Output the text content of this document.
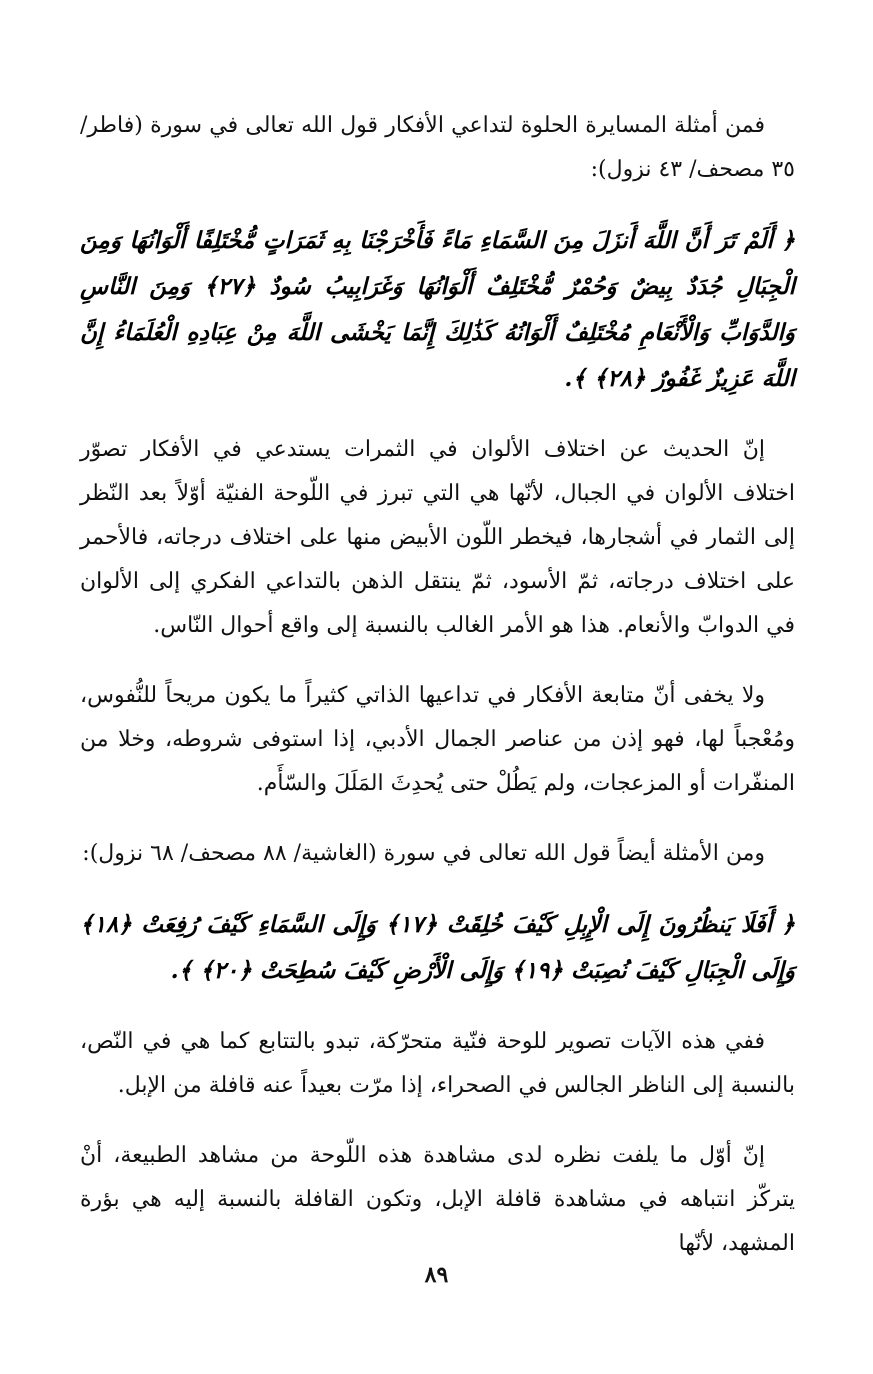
فمن أمثلة المسايرة الحلوة لتداعي الأفكار قول الله تعالى في سورة (فاطر/ ٣٥ مصحف/ ٤٣ نزول):

﴿ أَلَمْ تَرَ أَنَّ اللَّهَ أَنزَلَ مِنَ السَّمَاءِ مَاءً فَأَخْرَجْنَا بِهِ ثَمَرَاتٍ مُّخْتَلِفًا أَلْوَانُهَا وَمِنَ الْجِبَالِ جُدَدٌ بِيضٌ وَحُمْرٌ مُّخْتَلِفٌ أَلْوَانُهَا وَغَرَابِيبُ سُودٌ ﴿٢٧﴾ وَمِنَ النَّاسِ وَالدَّوَابِّ وَالْأَنْعَامِ مُخْتَلِفٌ أَلْوَانُهُ كَذَٰلِكَ إِنَّمَا يَخْشَى اللَّهَ مِنْ عِبَادِهِ الْعُلَمَاءُ إِنَّ اللَّهَ عَزِيزٌ غَفُورٌ ﴿٢٨﴾ ﴾.

إنّ الحديث عن اختلاف الألوان في الثمرات يستدعي في الأفكار تصوّر اختلاف الألوان في الجبال، لأنّها هي التي تبرز في اللّوحة الفنيّة أوّلاً بعد النّظر إلى الثمار في أشجارها، فيخطر اللّون الأبيض منها على اختلاف درجاته، فالأحمر على اختلاف درجاته، ثمّ الأسود، ثمّ ينتقل الذهن بالتداعي الفكري إلى الألوان في الدوابّ والأنعام. هذا هو الأمر الغالب بالنسبة إلى واقع أحوال النّاس.

ولا يخفى أنّ متابعة الأفكار في تداعيها الذاتي كثيراً ما يكون مريحاً للنُّفوس، ومُعْجباً لها، فهو إذن من عناصر الجمال الأدبي، إذا استوفى شروطه، وخلا من المنفّرات أو المزعجات، ولم يَطُلْ حتى يُحدِثَ المَلَلَ والسّأَم.

ومن الأمثلة أيضاً قول الله تعالى في سورة (الغاشية/ ٨٨ مصحف/ ٦٨ نزول):

﴿ أَفَلَا يَنظُرُونَ إِلَى الْإِبِلِ كَيْفَ خُلِقَتْ ﴿١٧﴾ وَإِلَى السَّمَاءِ كَيْفَ رُفِعَتْ ﴿١٨﴾ وَإِلَى الْجِبَالِ كَيْفَ نُصِبَتْ ﴿١٩﴾ وَإِلَى الْأَرْضِ كَيْفَ سُطِحَتْ ﴿٢٠﴾ ﴾.

ففي هذه الآيات تصوير للوحة فنّية متحرّكة، تبدو بالتتابع كما هي في النّص، بالنسبة إلى الناظر الجالس في الصحراء، إذا مرّت بعيداً عنه قافلة من الإبل.

إنّ أوّل ما يلفت نظره لدى مشاهدة هذه اللّوحة من مشاهد الطبيعة، أنْ يتركّز انتباهه في مشاهدة قافلة الإبل، وتكون القافلة بالنسبة إليه هي بؤرة المشهد، لأنّها

٨٩
